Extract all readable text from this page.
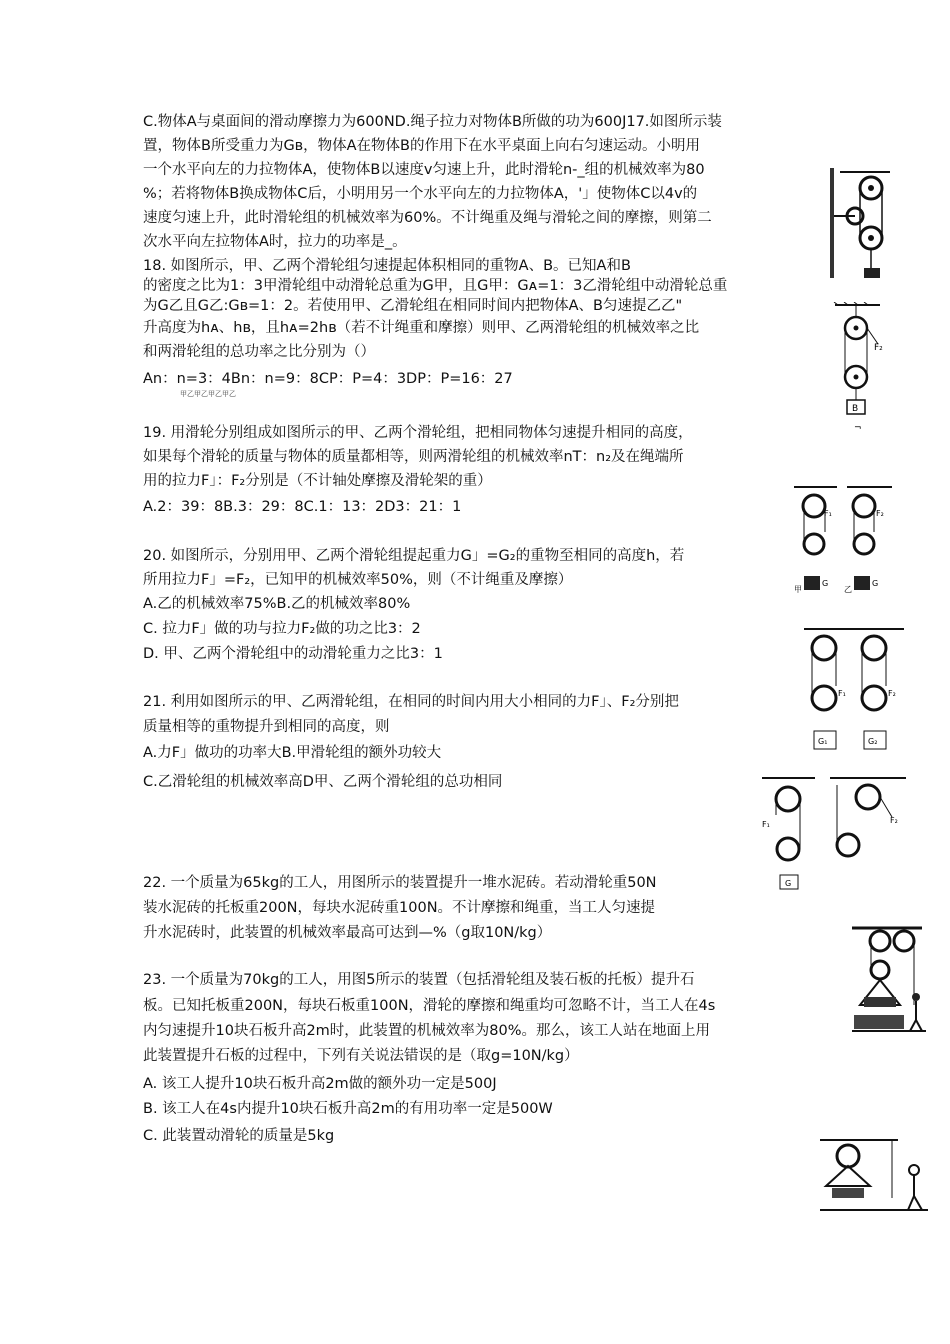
C.物体A与桌面间的滑动摩擦力为600ND.绳子拉力对物体B所做的功为600J17.如图所示装
置，物体B所受重力为Gʙ，物体A在物体B的作用下在水平桌面上向右匀速运动。小明用
一个水平向左的力拉物体A，使物体B以速度v匀速上升，此时滑轮n-_组的机械效率为80
%；若将物体B换成物体C后，小明用另一个水平向左的力拉物体A，'」使物体C以4v的
速度匀速上升，此时滑轮组的机械效率为60%。不计绳重及绳与滑轮之间的摩擦，则第二
次水平向左拉物体A时，拉力的功率是_。
18. 如图所示，甲、乙两个滑轮组匀速提起体积相同的重物A、B。已知A和B
的密度之比为1：3甲滑轮组中动滑轮总重为G甲，且G甲：Gᴀ=1：3乙滑轮组中动滑轮总重
为G乙且G乙:Gʙ=1：2。若使用甲、乙滑轮组在相同时间内把物体A、B匀速提乙乙"
升高度为hᴀ、hʙ，且hᴀ=2hʙ（若不计绳重和摩擦）则甲、乙两滑轮组的机械效率之比
和两滑轮组的总功率之比分别为（）
An：n=3：4Bn：n=9：8CP：P=4：3DP：P=16：27
甲乙甲乙甲乙甲乙
19. 用滑轮分别组成如图所示的甲、乙两个滑轮组，把相同物体匀速提升相同的高度，
如果每个滑轮的质量与物体的质量都相等，则两滑轮组的机械效率nT：n₂及在绳端所
用的拉力F」：F₂分别是（不计轴处摩擦及滑轮架的重）
A.2：39：8B.3：29：8C.1：13：2D3：21：1
20. 如图所示，分别用甲、乙两个滑轮组提起重力G」=G₂的重物至相同的高度h，若
所用拉力F」=F₂，已知甲的机械效率50%，则（不计绳重及摩擦）
A.乙的机械效率75%B.乙的机械效率80%
C. 拉力F」做的功与拉力F₂做的功之比3：2
D. 甲、乙两个滑轮组中的动滑轮重力之比3：1
21. 利用如图所示的甲、乙两滑轮组，在相同的时间内用大小相同的力F」、F₂分别把
质量相等的重物提升到相同的高度，则
A.力F」做功的功率大B.甲滑轮组的额外功较大
C.乙滑轮组的机械效率高D甲、乙两个滑轮组的总功相同
22. 一个质量为65kg的工人，用图所示的装置提升一堆水泥砖。若动滑轮重50N
装水泥砖的托板重200N，每块水泥砖重100N。不计摩擦和绳重，当工人匀速提
升水泥砖时，此装置的机械效率最高可达到—%（g取10N/kg）
23. 一个质量为70kg的工人，用图5所示的装置（包括滑轮组及装石板的托板）提升石
板。已知托板重200N，每块石板重100N，滑轮的摩擦和绳重均可忽略不计，当工人在4s
内匀速提升10块石板升高2m时，此装置的机械效率为80%。那么，该工人站在地面上用
此装置提升石板的过程中，下列有关说法错误的是（取g=10N/kg）
A. 该工人提升10块石板升高2m做的额外功一定是500J
B. 该工人在4s内提升10块石板升高2m的有用功率一定是500W
C. 此装置动滑轮的质量是5kg
F₂
B
¬
F₁
G
甲
F₂
G
乙
F₁
G₁
F₂
G₂
F₁
G
F₂
